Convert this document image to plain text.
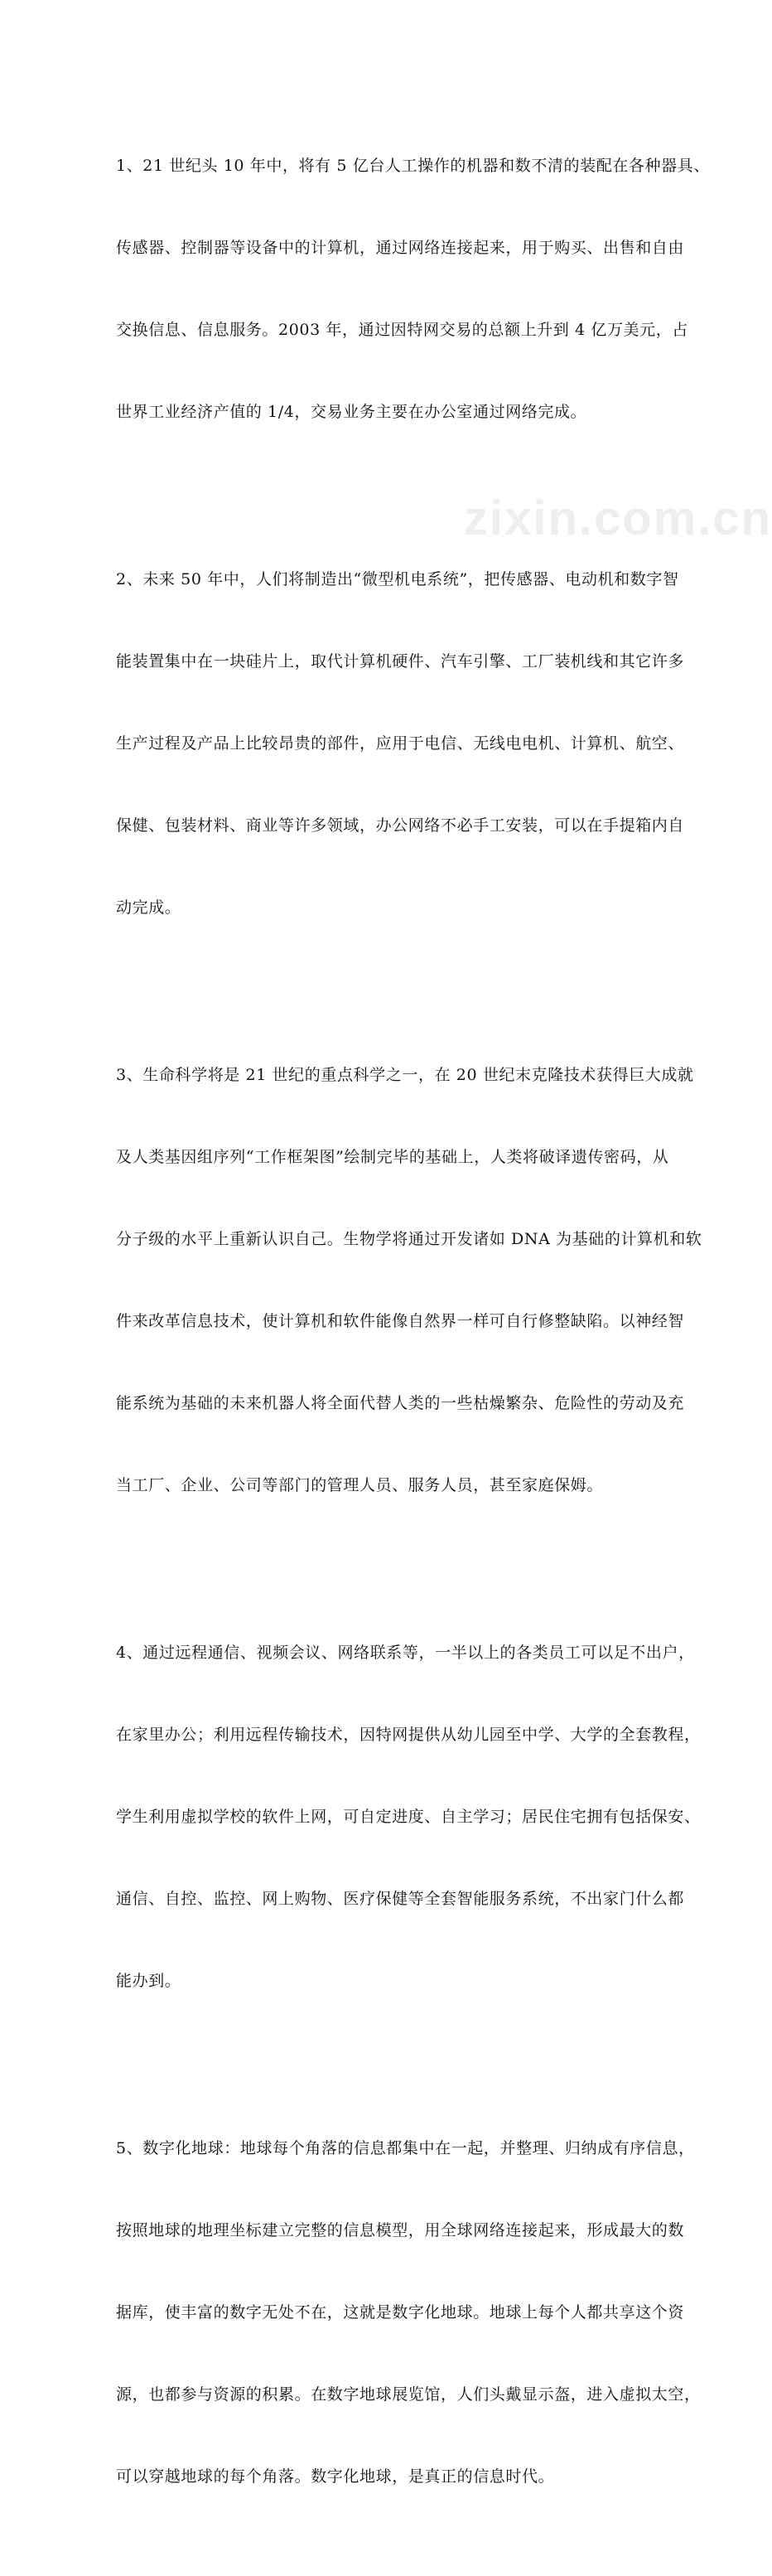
1、21 世纪头 10 年中，将有 5 亿台人工操作的机器和数不清的装配在各种器具、

传感器、控制器等设备中的计算机，通过网络连接起来，用于购买、出售和自由

交换信息、信息服务。2003 年，通过因特网交易的总额上升到 4 亿万美元，占

世界工业经济产值的 1/4，交易业务主要在办公室通过网络完成。

2、未来 50 年中，人们将制造出“微型机电系统”，把传感器、电动机和数字智

能装置集中在一块硅片上，取代计算机硬件、汽车引擎、工厂装机线和其它许多

生产过程及产品上比较昂贵的部件，应用于电信、无线电电机、计算机、航空、

保健、包装材料、商业等许多领域，办公网络不必手工安装，可以在手提箱内自

动完成。

3、生命科学将是 21 世纪的重点科学之一，在 20 世纪末克隆技术获得巨大成就

及人类基因组序列“工作框架图”绘制完毕的基础上，人类将破译遗传密码，从

分子级的水平上重新认识自己。生物学将通过开发诸如 DNA 为基础的计算机和软

件来改革信息技术，使计算机和软件能像自然界一样可自行修整缺陷。以神经智

能系统为基础的未来机器人将全面代替人类的一些枯燥繁杂、危险性的劳动及充

当工厂、企业、公司等部门的管理人员、服务人员，甚至家庭保姆。

4、通过远程通信、视频会议、网络联系等，一半以上的各类员工可以足不出户，

在家里办公；利用远程传输技术，因特网提供从幼儿园至中学、大学的全套教程，

学生利用虚拟学校的软件上网，可自定进度、自主学习；居民住宅拥有包括保安、

通信、自控、监控、网上购物、医疗保健等全套智能服务系统，不出家门什么都

能办到。

5、数字化地球：地球每个角落的信息都集中在一起，并整理、归纳成有序信息，

按照地球的地理坐标建立完整的信息模型，用全球网络连接起来，形成最大的数

据库，使丰富的数字无处不在，这就是数字化地球。地球上每个人都共享这个资

源，也都参与资源的积累。在数字地球展览馆，人们头戴显示盔，进入虚拟太空，

可以穿越地球的每个角落。数字化地球，是真正的信息时代。

zixin.com.cn
